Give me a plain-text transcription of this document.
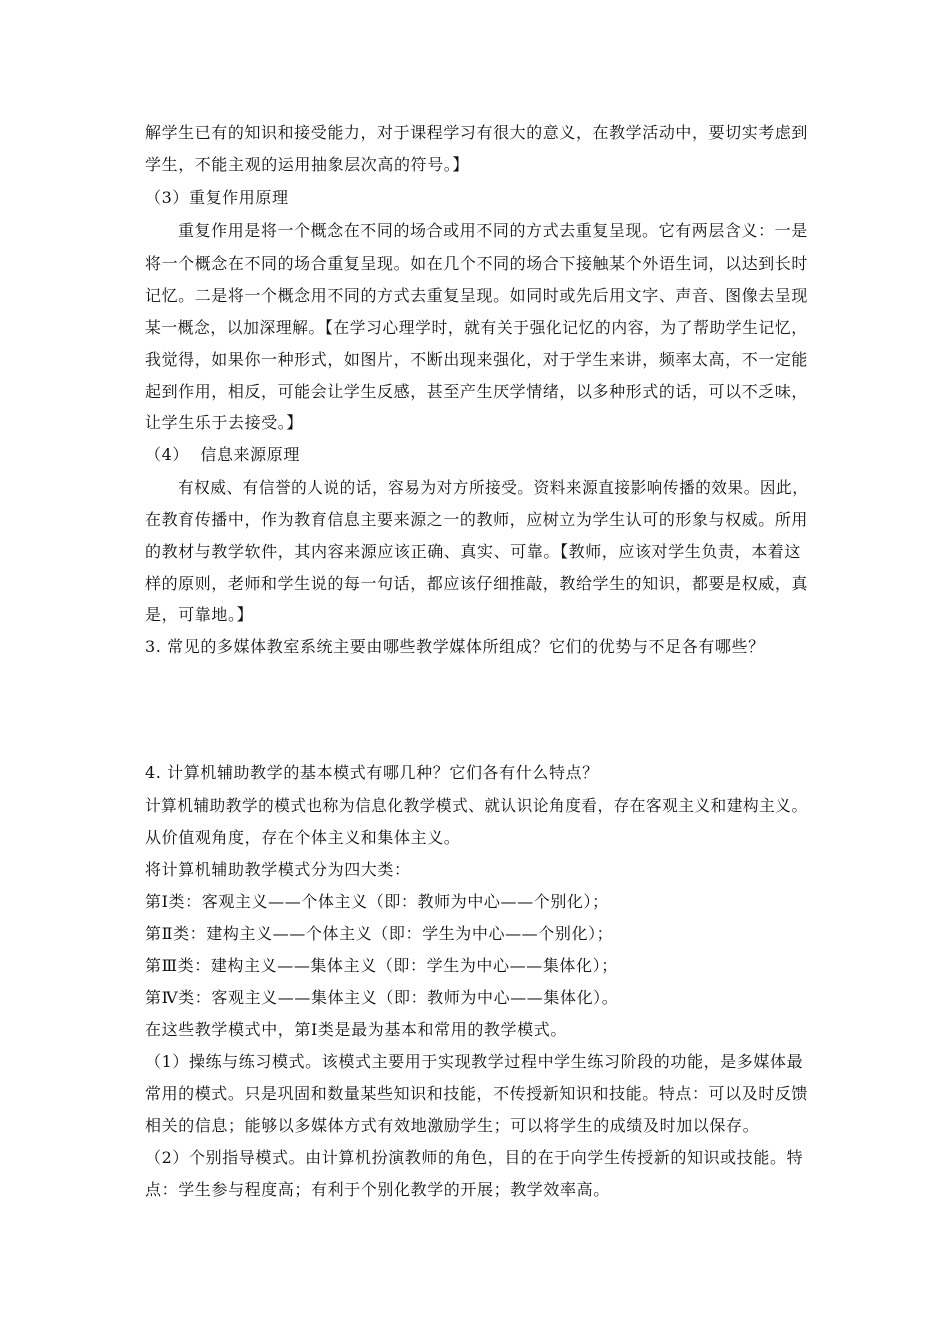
解学生已有的知识和接受能力，对于课程学习有很大的意义，在教学活动中，要切实考虑到
学生，不能主观的运用抽象层次高的符号。】
（3）重复作用原理
重复作用是将一个概念在不同的场合或用不同的方式去重复呈现。它有两层含义：一是
将一个概念在不同的场合重复呈现。如在几个不同的场合下接触某个外语生词，以达到长时
记忆。二是将一个概念用不同的方式去重复呈现。如同时或先后用文字、声音、图像去呈现
某一概念，以加深理解。【在学习心理学时，就有关于强化记忆的内容，为了帮助学生记忆，
我觉得，如果你一种形式，如图片，不断出现来强化，对于学生来讲，频率太高，不一定能
起到作用，相反，可能会让学生反感，甚至产生厌学情绪，以多种形式的话，可以不乏味，
让学生乐于去接受。】
（4）  信息来源原理
有权威、有信誉的人说的话，容易为对方所接受。资料来源直接影响传播的效果。因此，
在教育传播中，作为教育信息主要来源之一的教师，应树立为学生认可的形象与权威。所用
的教材与教学软件，其内容来源应该正确、真实、可靠。【教师，应该对学生负责，本着这
样的原则，老师和学生说的每一句话，都应该仔细推敲，教给学生的知识，都要是权威，真
是，可靠地。】
3. 常见的多媒体教室系统主要由哪些教学媒体所组成？它们的优势与不足各有哪些？
4. 计算机辅助教学的基本模式有哪几种？它们各有什么特点？
计算机辅助教学的模式也称为信息化教学模式、就认识论角度看，存在客观主义和建构主义。
从价值观角度，存在个体主义和集体主义。
将计算机辅助教学模式分为四大类：
第Ⅰ类：客观主义——个体主义（即：教师为中心——个别化）；
第Ⅱ类：建构主义——个体主义（即：学生为中心——个别化）；
第Ⅲ类：建构主义——集体主义（即：学生为中心——集体化）；
第Ⅳ类：客观主义——集体主义（即：教师为中心——集体化）。
在这些教学模式中，第Ⅰ类是最为基本和常用的教学模式。
（1）操练与练习模式。该模式主要用于实现教学过程中学生练习阶段的功能，是多媒体最
常用的模式。只是巩固和数量某些知识和技能，不传授新知识和技能。特点：可以及时反馈
相关的信息；能够以多媒体方式有效地激励学生；可以将学生的成绩及时加以保存。
（2）个别指导模式。由计算机扮演教师的角色，目的在于向学生传授新的知识或技能。特
点：学生参与程度高；有利于个别化教学的开展；教学效率高。
